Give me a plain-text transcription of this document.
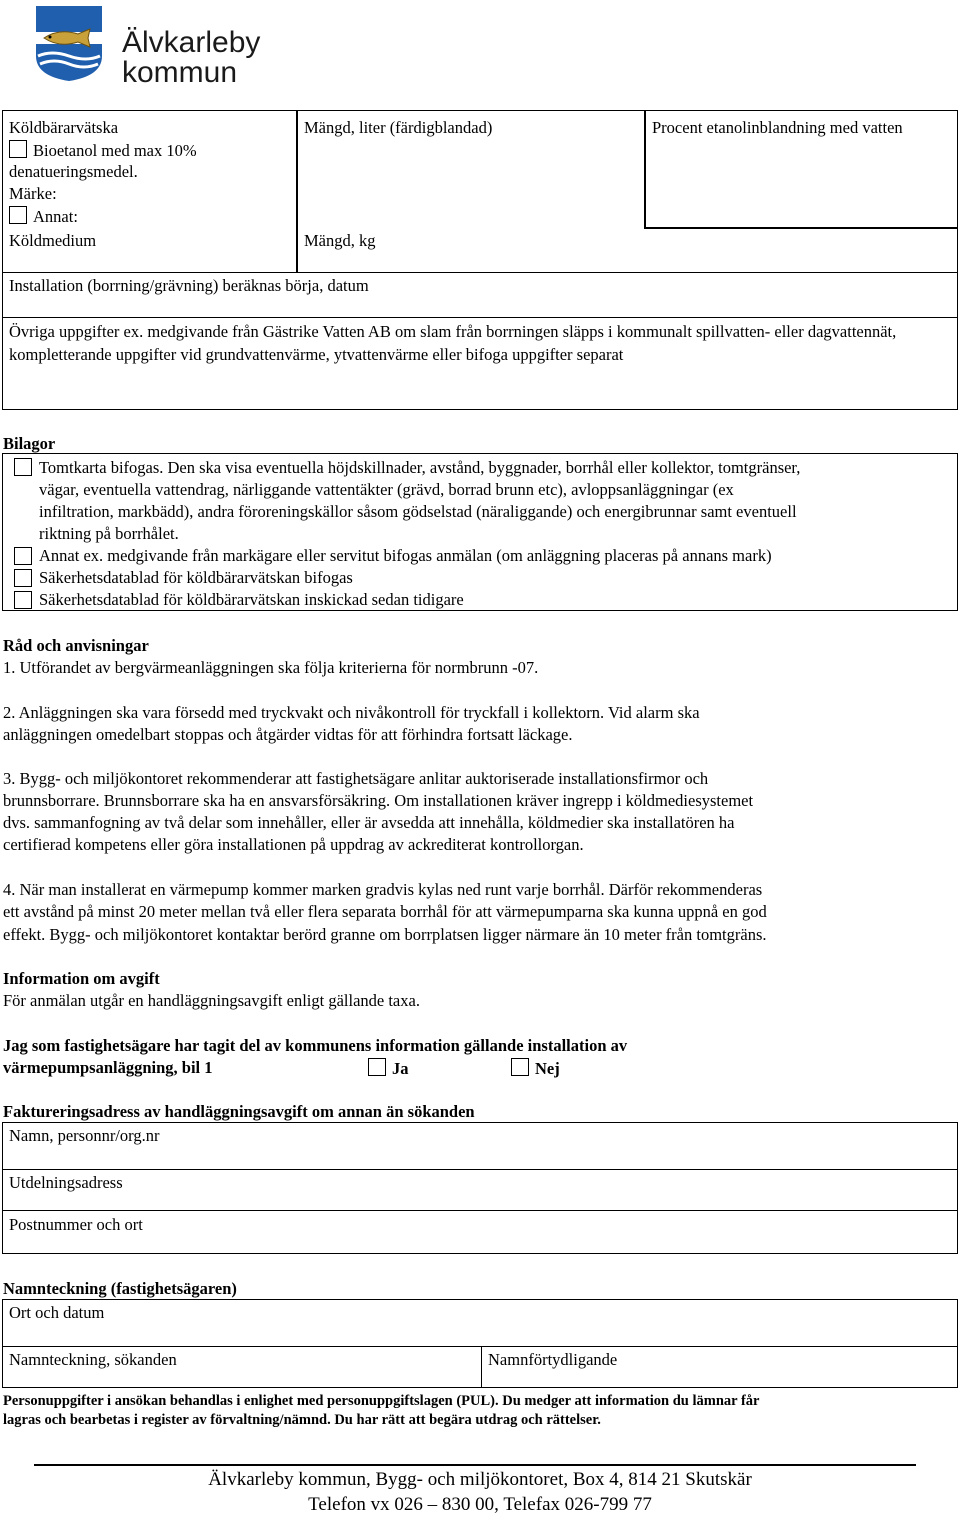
Älvkarleby
kommun
Köldbärarvätska
Bioetanol med max 10%
denatueringsmedel.
Märke:
Annat:
Köldmedium
Mängd, liter (färdigblandad)
Mängd, kg
Procent etanolinblandning med vatten
Installation (borrning/grävning) beräknas börja, datum
Övriga uppgifter ex. medgivande från Gästrike Vatten AB om slam från borrningen släpps i kommunalt spillvatten- eller dagvattennät, kompletterande uppgifter vid grundvattenvärme, ytvattenvärme eller bifoga uppgifter separat
Bilagor
Tomtkarta bifogas. Den ska visa eventuella höjdskillnader, avstånd, byggnader, borrhål eller kollektor, tomtgränser,
vägar, eventuella vattendrag, närliggande vattentäkter (grävd, borrad brunn etc), avloppsanläggningar (ex
infiltration, markbädd), andra föroreningskällor såsom gödselstad (näraliggande) och energibrunnar samt eventuell
riktning på borrhålet.
Annat ex. medgivande från markägare eller servitut bifogas anmälan (om anläggning placeras på annans mark)
Säkerhetsdatablad för köldbärarvätskan bifogas
Säkerhetsdatablad för köldbärarvätskan inskickad sedan tidigare
Råd och anvisningar
1. Utförandet av bergvärmeanläggningen ska följa kriterierna för normbrunn -07.
2. Anläggningen ska vara försedd med tryckvakt och nivåkontroll för tryckfall i kollektorn. Vid alarm ska
anläggningen omedelbart stoppas och åtgärder vidtas för att förhindra fortsatt läckage.
3. Bygg- och miljökontoret rekommenderar att fastighetsägare anlitar auktoriserade installationsfirmor och
brunnsborrare. Brunnsborrare ska ha en ansvarsförsäkring. Om installationen kräver ingrepp i köldmediesystemet
dvs. sammanfogning av två delar som innehåller, eller är avsedda att innehålla, köldmedier ska installatören ha
certifierad kompetens eller göra installationen på uppdrag av ackrediterat kontrollorgan.
4. När man installerat en värmepump kommer marken gradvis kylas ned runt varje borrhål. Därför rekommenderas
ett avstånd på minst 20 meter mellan två eller flera separata borrhål för att värmepumparna ska kunna uppnå en god
effekt. Bygg- och miljökontoret kontaktar berörd granne om borrplatsen ligger närmare än 10 meter från tomtgräns.
Information om avgift
För anmälan utgår en handläggningsavgift enligt gällande taxa.
Jag som fastighetsägare har tagit del av kommunens information gällande installation av
värmepumpsanläggning, bil 1	Ja	Nej
Faktureringsadress av handläggningsavgift om annan än sökanden
Namn, personnr/org.nr
Utdelningsadress
Postnummer och ort
Namnteckning (fastighetsägaren)
Ort och datum
Namnteckning, sökanden	Namnförtydligande
Personuppgifter i ansökan behandlas i enlighet med personuppgiftslagen (PUL). Du medger att information du lämnar får
lagras och bearbetas i register av förvaltning/nämnd. Du har rätt att begära utdrag och rättelser.
Älvkarleby kommun, Bygg- och miljökontoret, Box 4, 814 21 Skutskär
Telefon vx 026 – 830 00, Telefax 026-799 77
